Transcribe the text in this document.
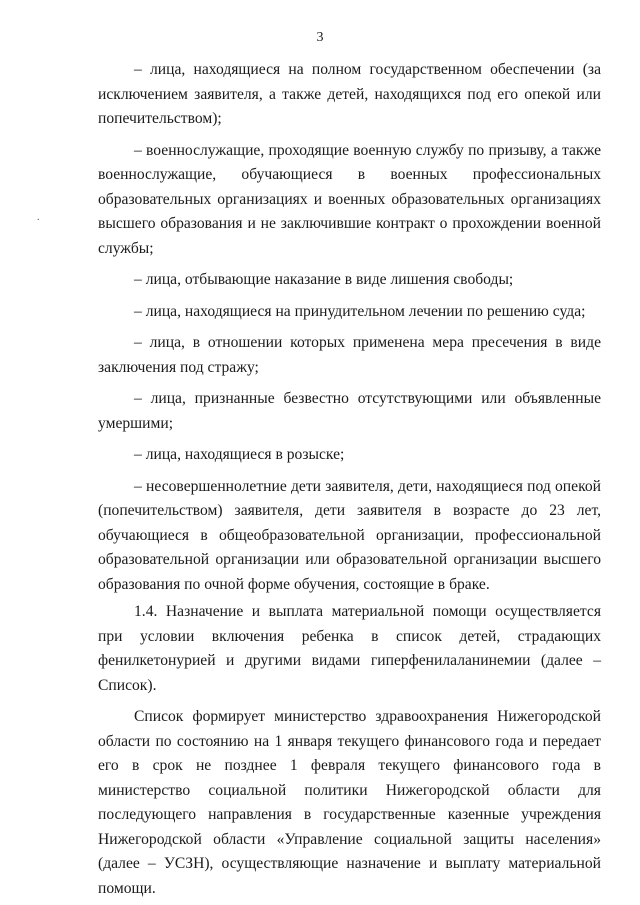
3
.

– лица, находящиеся на полном государственном обеспечении (за исключением заявителя, а также детей, находящихся под его опекой или попечительством);

– военнослужащие, проходящие военную службу по призыву, а также военнослужащие, обучающиеся в военных профессиональных образовательных организациях и военных образовательных организациях высшего образования и не заключившие контракт о прохождении военной службы;

– лица, отбывающие наказание в виде лишения свободы;

– лица, находящиеся на принудительном лечении по решению суда;

– лица, в отношении которых применена мера пресечения в виде заключения под стражу;

– лица, признанные безвестно отсутствующими или объявленные умершими;

– лица, находящиеся в розыске;

– несовершеннолетние дети заявителя, дети, находящиеся под опекой (попечительством) заявителя, дети заявителя в возрасте до 23 лет, обучающиеся в общеобразовательной организации, профессиональной образовательной организации или образовательной организации высшего образования по очной форме обучения, состоящие в браке.

1.4. Назначение и выплата материальной помощи осуществляется при условии включения ребенка в список детей, страдающих фенилкетонурией и другими видами гиперфенилаланинемии (далее – Список).

Список формирует министерство здравоохранения Нижегородской области по состоянию на 1 января текущего финансового года и передает его в срок не позднее 1 февраля текущего финансового года в министерство социальной политики Нижегородской области для последующего направления в государственные казенные учреждения Нижегородской области «Управление социальной защиты населения» (далее – УСЗН), осуществляющие назначение и выплату материальной помощи.
